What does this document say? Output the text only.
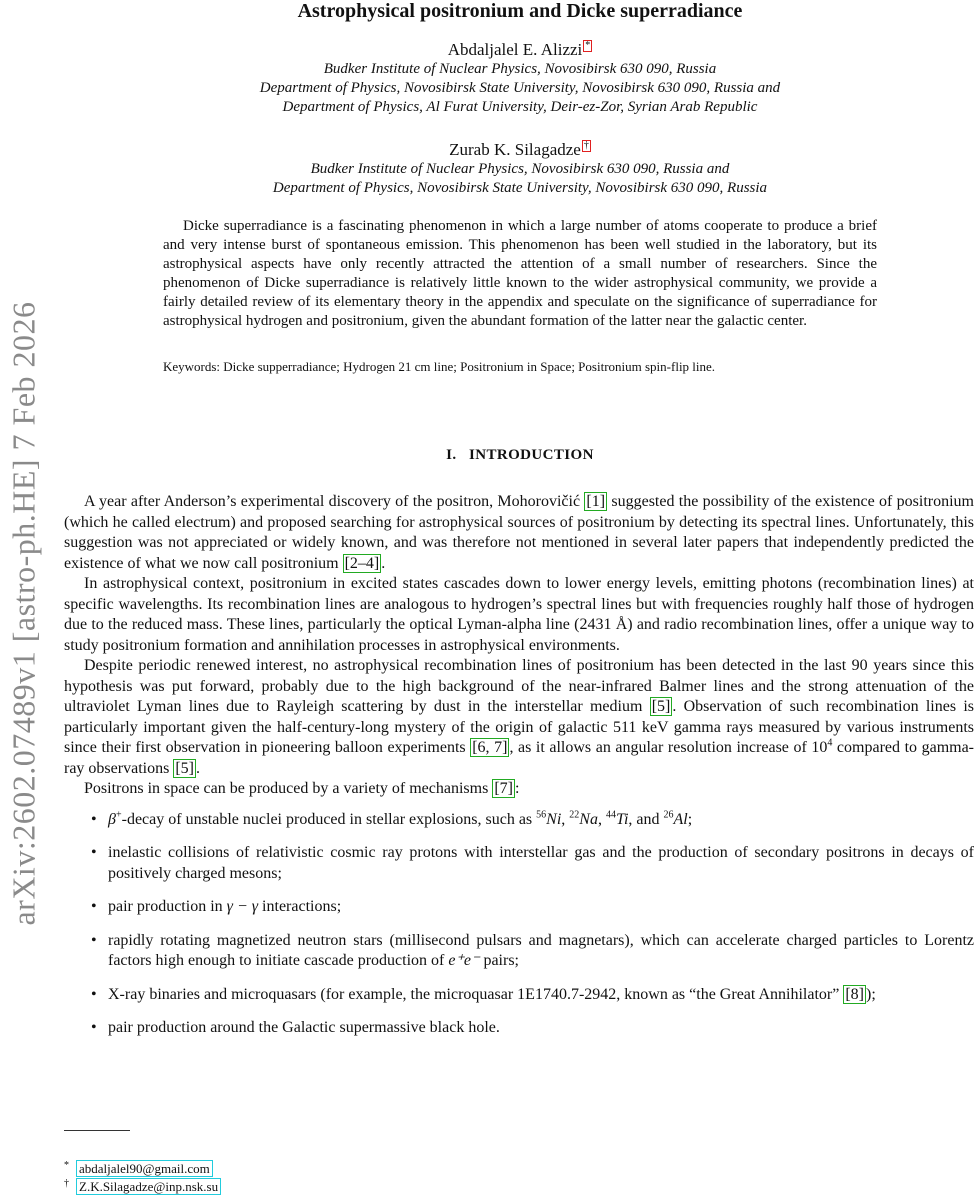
arXiv:2602.07489v1 [astro-ph.HE] 7 Feb 2026
Astrophysical positronium and Dicke superradiance
Abdaljalel E. Alizzi *
Budker Institute of Nuclear Physics, Novosibirsk 630 090, Russia
Department of Physics, Novosibirsk State University, Novosibirsk 630 090, Russia and
Department of Physics, Al Furat University, Deir-ez-Zor, Syrian Arab Republic
Zurab K. Silagadze †
Budker Institute of Nuclear Physics, Novosibirsk 630 090, Russia and
Department of Physics, Novosibirsk State University, Novosibirsk 630 090, Russia

Dicke superradiance is a fascinating phenomenon in which a large number of atoms cooperate to produce a brief and very intense burst of spontaneous emission. This phenomenon has been well studied in the laboratory, but its astrophysical aspects have only recently attracted the attention of a small number of researchers. Since the phenomenon of Dicke superradiance is relatively little known to the wider astrophysical community, we provide a fairly detailed review of its elementary theory in the appendix and speculate on the significance of superradiance for astrophysical hydrogen and positronium, given the abundant formation of the latter near the galactic center.

Keywords: Dicke supperradiance; Hydrogen 21 cm line; Positronium in Space; Positronium spin-flip line.

I. INTRODUCTION

A year after Anderson’s experimental discovery of the positron, Mohorovičić [1] suggested the possibility of the existence of positronium (which he called electrum) and proposed searching for astrophysical sources of positronium by detecting its spectral lines. Unfortunately, this suggestion was not appreciated or widely known, and was therefore not mentioned in several later papers that independently predicted the existence of what we now call positronium [2–4] .

In astrophysical context, positronium in excited states cascades down to lower energy levels, emitting photons (recombination lines) at specific wavelengths. Its recombination lines are analogous to hydrogen’s spectral lines but with frequencies roughly half those of hydrogen due to the reduced mass. These lines, particularly the optical Lyman-alpha line (2431 Å) and radio recombination lines, offer a unique way to study positronium formation and annihilation processes in astrophysical environments.

Despite periodic renewed interest, no astrophysical recombination lines of positronium has been detected in the last 90 years since this hypothesis was put forward, probably due to the high background of the near-infrared Balmer lines and the strong attenuation of the ultraviolet Lyman lines due to Rayleigh scattering by dust in the interstellar medium [5] . Observation of such recombination lines is particularly important given the half-century-long mystery of the origin of galactic 511 keV gamma rays measured by various instruments since their first observation in pioneering balloon experiments [6, 7] , as it allows an angular resolution increase of $10^4$ compared to gamma-ray observations [5] .

Positrons in space can be produced by a variety of mechanisms [7] :

• β+-decay of unstable nuclei produced in stellar explosions, such as $^{56}$Ni, $^{22}$Na, $^{44}$Ti, and $^{26}$Al;
• inelastic collisions of relativistic cosmic ray protons with interstellar gas and the production of secondary positrons in decays of positively charged mesons;
• pair production in γ − γ interactions;
• rapidly rotating magnetized neutron stars (millisecond pulsars and magnetars), which can accelerate charged particles to Lorentz factors high enough to initiate cascade production of e⁺e⁻ pairs;
• X-ray binaries and microquasars (for example, the microquasar 1E1740.7-2942, known as “the Great Annihilator” [8] );
• pair production around the Galactic supermassive black hole.
* abdaljalel90@gmail.com
† Z.K.Silagadze@inp.nsk.su
